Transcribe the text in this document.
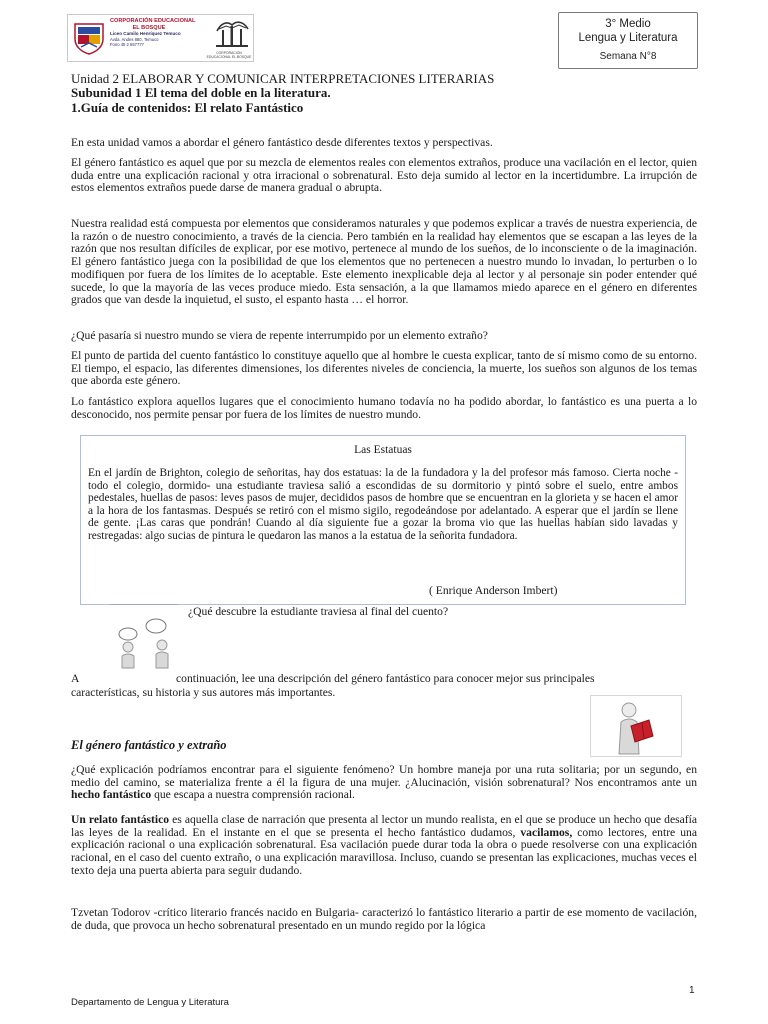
CORPORACIÓN EDUCACIONAL
EL BOSQUE
Liceo Camilo Henríquez Temuco
Avda. Andes 880, Temuco
Fono 45 2 557777
CORPORACIÓN EDUCACIONAL EL BOSQUE
3° Medio
Lengua y Literatura
Semana N°8
Unidad 2 ELABORAR Y COMUNICAR INTERPRETACIONES LITERARIAS
Subunidad 1 El tema del doble en la literatura.
1.Guía de contenidos: El relato Fantástico
En esta unidad vamos a abordar el género fantástico desde diferentes textos y perspectivas.
El género fantástico es aquel que por su mezcla de elementos reales con elementos extraños, produce una vacilación en el lector, quien duda entre una explicación racional y otra irracional o sobrenatural. Esto deja sumido al lector en la incertidumbre. La irrupción de estos elementos extraños puede darse de manera gradual o abrupta.
Nuestra realidad está compuesta por elementos que consideramos naturales y que podemos explicar a través de nuestra experiencia, de la razón o de nuestro conocimiento, a través de la ciencia. Pero también en la realidad hay elementos que se escapan a las leyes de la razón que nos resultan difíciles de explicar, por ese motivo, pertenece al mundo de los sueños, de lo inconsciente o de la imaginación. El género fantástico juega con la posibilidad de que los elementos que no pertenecen a nuestro mundo lo invadan, lo perturben o lo modifiquen por fuera de los límites de lo aceptable. Este elemento inexplicable deja al lector y al personaje sin poder entender qué sucede, lo que la mayoría de las veces produce miedo. Esta sensación, a la que llamamos miedo aparece en el género en diferentes grados que van desde la inquietud, el susto, el espanto hasta … el horror.
¿Qué pasaría si nuestro mundo se viera de repente interrumpido por un elemento extraño?
El punto de partida del cuento fantástico lo constituye aquello que al hombre le cuesta explicar, tanto de sí mismo como de su entorno. El tiempo, el espacio, las diferentes dimensiones, los diferentes niveles de conciencia, la muerte, los sueños son algunos de los temas que aborda este género.
Lo fantástico explora aquellos lugares que el conocimiento humano todavía no ha podido abordar, lo fantástico es una puerta a lo desconocido, nos permite pensar por fuera de los límites de nuestro mundo.
Las Estatuas
En el jardín de Brighton, colegio de señoritas, hay dos estatuas: la de la fundadora y la del profesor más famoso. Cierta noche -todo el colegio, dormido- una estudiante traviesa salió a escondidas de su dormitorio y pintó sobre el suelo, entre ambos pedestales, huellas de pasos: leves pasos de mujer, decididos pasos de hombre que se encuentran en la glorieta y se hacen el amor a la hora de los fantasmas. Después se retiró con el mismo sigilo, regodeándose por adelantado. A esperar que el jardín se llene de gente. ¡Las caras que pondrán! Cuando al día siguiente fue a gozar la broma vio que las huellas habían sido lavadas y restregadas: algo sucias de pintura le quedaron las manos a la estatua de la señorita fundadora.
( Enrique Anderson Imbert)
¿Qué descubre la estudiante traviesa al final del cuento?
A	continuación, lee una descripción del género fantástico para conocer mejor sus principales
características, su historia y sus autores más importantes.
El género fantástico y extraño
¿Qué explicación podríamos encontrar para el siguiente fenómeno? Un hombre maneja por una ruta solitaria; por un segundo, en medio del camino, se materializa frente a él la figura de una mujer. ¿Alucinación, visión sobrenatural? Nos encontramos ante un hecho fantástico que escapa a nuestra comprensión racional.
Un relato fantástico es aquella clase de narración que presenta al lector un mundo realista, en el que se produce un hecho que desafía las leyes de la realidad. En el instante en el que se presenta el hecho fantástico dudamos, vacilamos, como lectores, entre una explicación racional o una explicación sobrenatural. Esa vacilación puede durar toda la obra o puede resolverse con una explicación racional, en el caso del cuento extraño, o una explicación maravillosa. Incluso, cuando se presentan las explicaciones, muchas veces el texto deja una puerta abierta para seguir dudando.
Tzvetan Todorov -crítico literario francés nacido en Bulgaria- caracterizó lo fantástico literario a partir de ese momento de vacilación, de duda, que provoca un hecho sobrenatural presentado en un mundo regido por la lógica
1
Departamento de Lengua y Literatura
